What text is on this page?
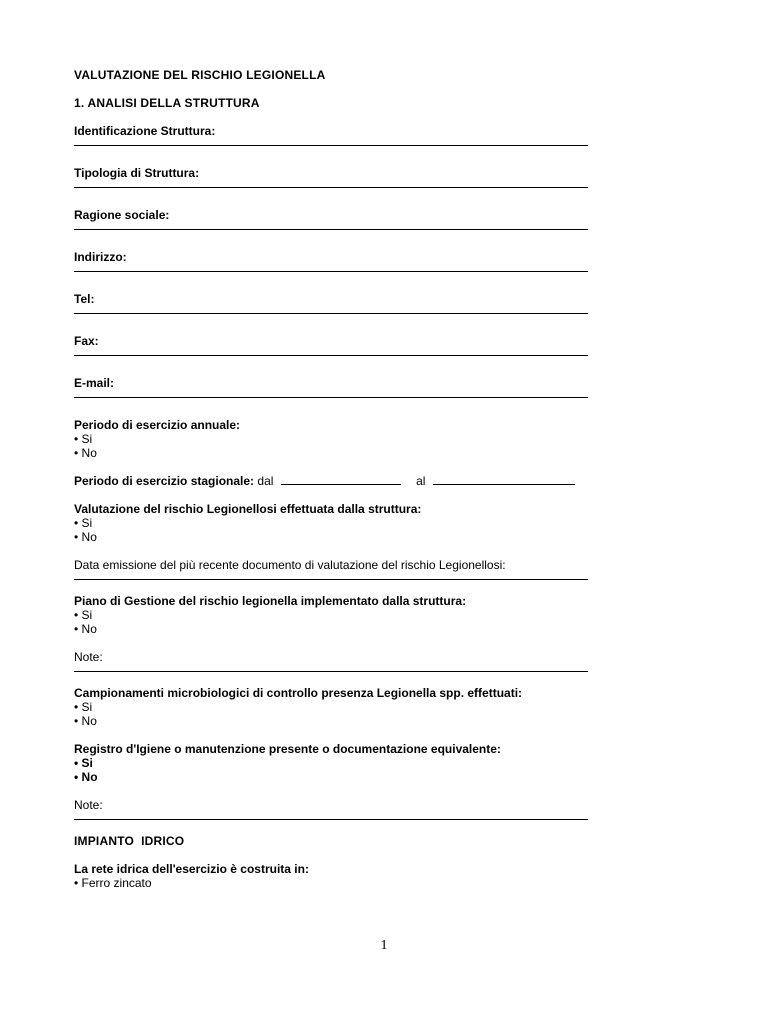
VALUTAZIONE DEL RISCHIO LEGIONELLA
1. ANALISI DELLA STRUTTURA
Identificazione Struttura:
Tipologia di Struttura:
Ragione sociale:
Indirizzo:
Tel:
Fax:
E-mail:
Periodo di esercizio annuale:
• Si
• No
Periodo di esercizio stagionale: dal	al
Valutazione del rischio Legionellosi effettuata dalla struttura:
• Si
• No
Data emissione del più recente documento di valutazione del rischio Legionellosi:
Piano di Gestione del rischio legionella implementato dalla struttura:
• Si
• No
Note:
Campionamenti microbiologici di controllo presenza Legionella spp. effettuati:
• Si
• No
Registro d'Igiene o manutenzione presente o documentazione equivalente:
• Si
• No
Note:
IMPIANTO  IDRICO
La rete idrica dell'esercizio è costruita in:
• Ferro zincato
1
